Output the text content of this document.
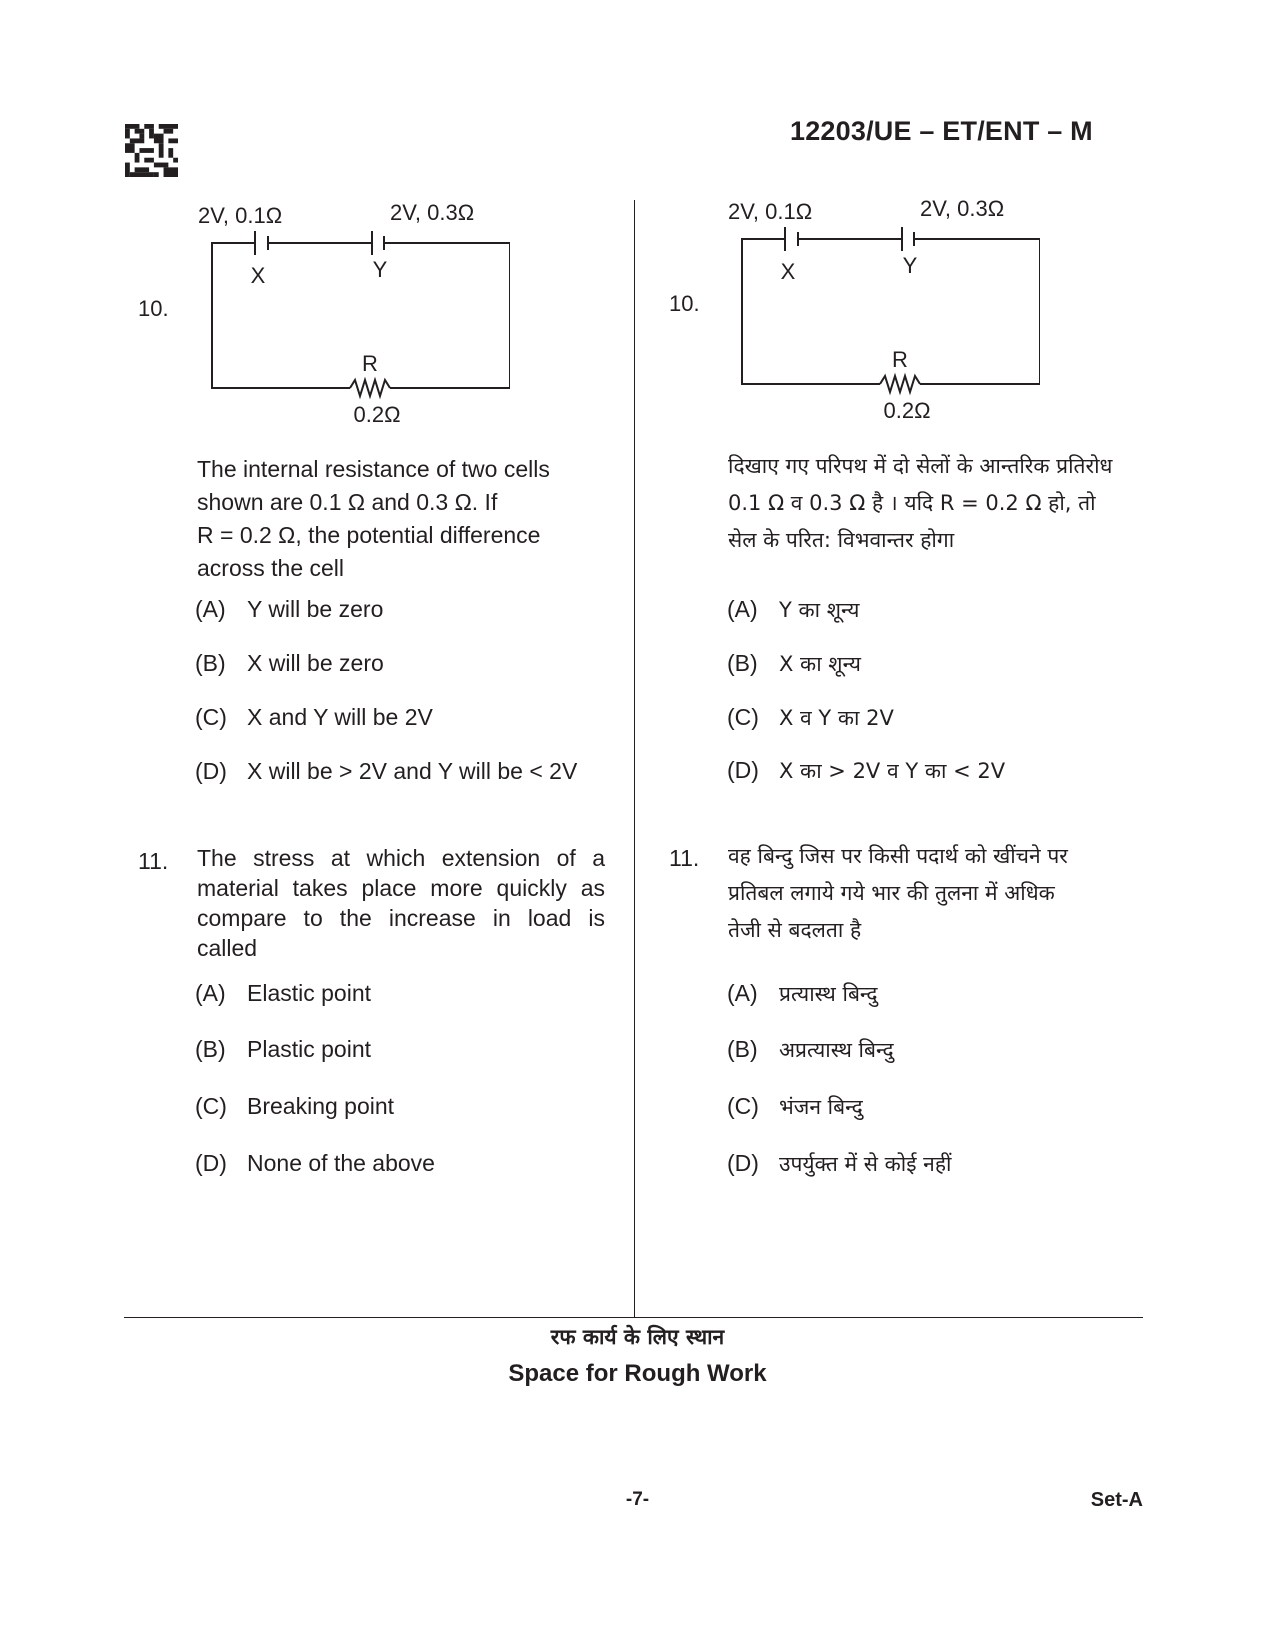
12203/UE – ET/ENT – M
10.
2V, 0.1Ω	2V, 0.3Ω
X	Y
R
0.2Ω
The internal resistance of two cells
shown are 0.1 Ω and 0.3 Ω. If
R = 0.2 Ω, the potential difference
across the cell
(A) Y will be zero
(B) X will be zero
(C) X and Y will be 2V
(D) X will be > 2V and Y will be < 2V
11. The stress at which extension of a
material takes place more quickly as
compare to the increase in load is
called
(A) Elastic point
(B) Plastic point
(C) Breaking point
(D) None of the above
10.
2V, 0.1Ω	2V, 0.3Ω
X	Y
R
0.2Ω
दिखाए गए परिपथ में दो सेलों के आन्तरिक प्रतिरोध
0.1 Ω व 0.3 Ω है । यदि R = 0.2 Ω हो, तो
सेल के परित: विभवान्तर होगा
(A) Y का शून्य
(B) X का शून्य
(C) X व Y का 2V
(D) X का > 2V व Y का < 2V
11. वह बिन्दु जिस पर किसी पदार्थ को खींचने पर
प्रतिबल लगाये गये भार की तुलना में अधिक
तेजी से बदलता है
(A) प्रत्यास्थ बिन्दु
(B) अप्रत्यास्थ बिन्दु
(C) भंजन बिन्दु
(D) उपर्युक्त में से कोई नहीं
रफ कार्य के लिए स्थान
Space for Rough Work
-7-	Set-A
